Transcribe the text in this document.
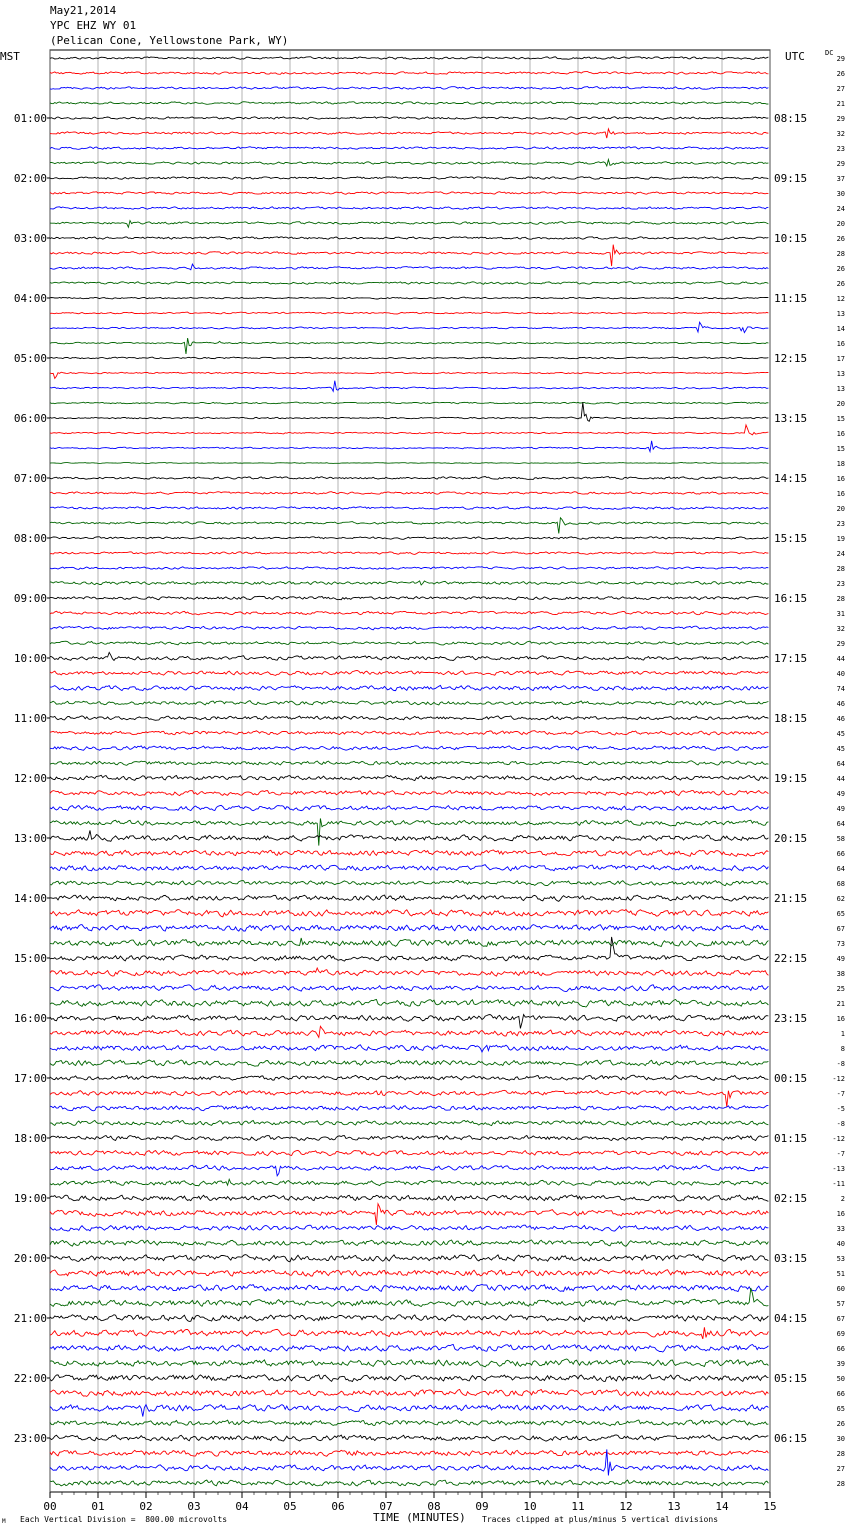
May21,2014
YPC EHZ WY 01
(Pelican Cone, Yellowstone Park, WY)
MST	UTC	DC
00	01	02	03	04	05	06	07	08	09	10	11	12	13	14	15
01:00
02:00
03:00
04:00
05:00
06:00
07:00
08:00
09:00
10:00
11:00
12:00
13:00
14:00
15:00
16:00
17:00
18:00
19:00
20:00
21:00
22:00
23:00
08:15
09:15
10:15
11:15
12:15
13:15
14:15
15:15
16:15
17:15
18:15
19:15
20:15
21:15
22:15
23:15
00:15
01:15
02:15
03:15
04:15
05:15
06:15
29
26
27
21
29
32
23
29
37
30
24
20
26
28
26
26
12
13
14
16
17
13
13
20
15
16
15
18
16
16
20
23
19
24
28
23
28
31
32
29
44
40
74
46
46
45
45
64
44
49
49
64
58
66
64
68
62
65
67
73
49
38
25
21
16
1
8
-8
-12
-7
-5
-8
-12
-7
-13
-11
2
16
33
40
53
51
60
57
67
69
66
39
50
66
65
26
30
28
27
28
M Each Vertical Division =  800.00 microvolts	TIME (MINUTES) Traces clipped at plus/minus 5 vertical divisions
